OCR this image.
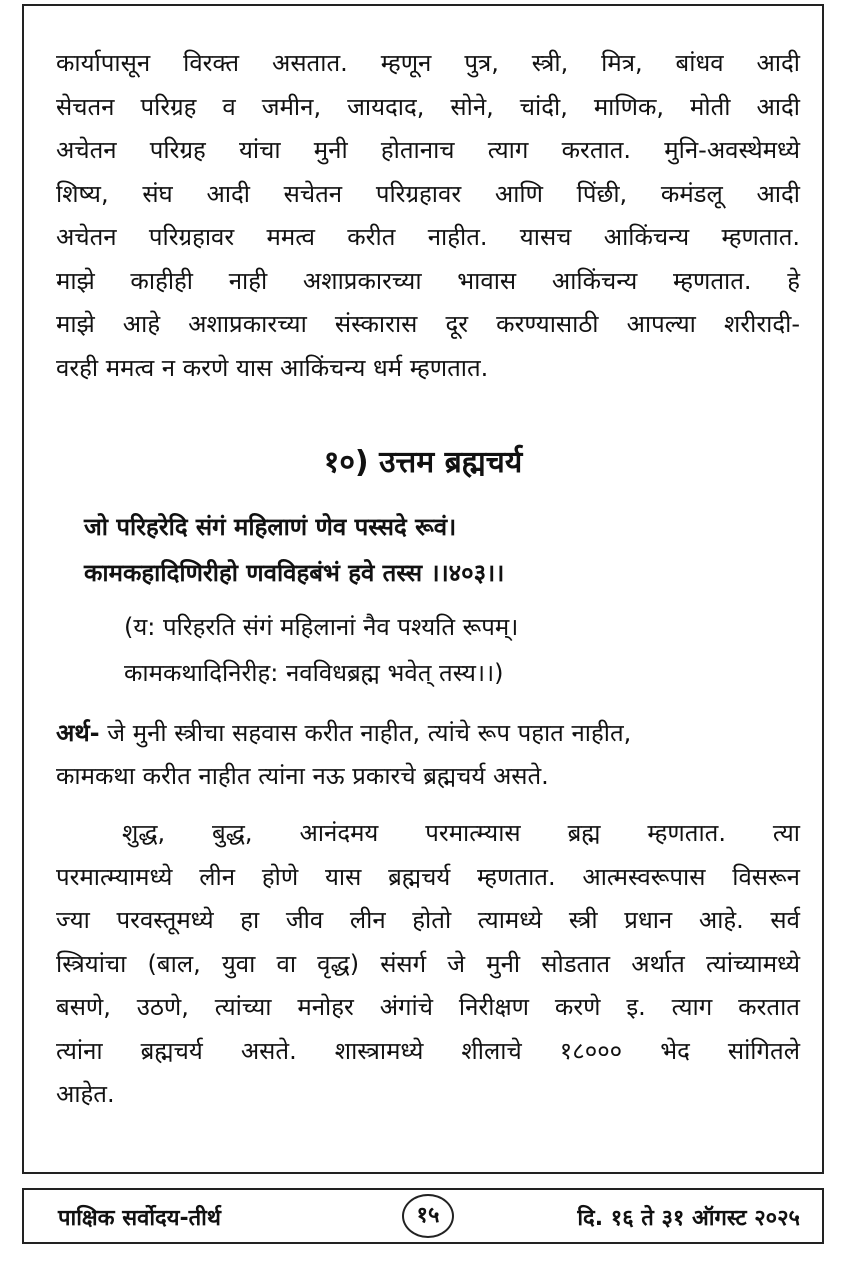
कार्यापासून विरक्त असतात. म्हणून पुत्र, स्त्री, मित्र, बांधव आदी
सेचतन परिग्रह व जमीन, जायदाद, सोने, चांदी, माणिक, मोती आदी
अचेतन परिग्रह यांचा मुनी होतानाच त्याग करतात. मुनि-अवस्थेमध्ये
शिष्य, संघ आदी सचेतन परिग्रहावर आणि पिंछी, कमंडलू आदी
अचेतन परिग्रहावर ममत्व करीत नाहीत. यासच आकिंचन्य म्हणतात.
माझे काहीही नाही अशाप्रकारच्या भावास आकिंचन्य म्हणतात. हे
माझे आहे अशाप्रकारच्या संस्कारास दूर करण्यासाठी आपल्या शरीरादी-
वरही ममत्व न करणे यास आकिंचन्य धर्म म्हणतात.
१०) उत्तम ब्रह्मचर्य
जो परिहरेदि संगं महिलाणं णेव पस्सदे रूवं।
कामकहादिणिरीहो णवविहबंभं हवे तस्स ।।४०३।।
(य: परिहरति संगं महिलानां नैव पश्यति रूपम्।
कामकथादिनिरीह: नवविधब्रह्म भवेत् तस्य।।)
अर्थ- जे मुनी स्त्रीचा सहवास करीत नाहीत, त्यांचे रूप पहात नाहीत,
कामकथा करीत नाहीत त्यांना नऊ प्रकारचे ब्रह्मचर्य असते.
शुद्ध, बुद्ध, आनंदमय परमात्म्यास ब्रह्म म्हणतात. त्या
परमात्म्यामध्ये लीन होणे यास ब्रह्मचर्य म्हणतात. आत्मस्वरूपास विसरून
ज्या परवस्तूमध्ये हा जीव लीन होतो त्यामध्ये स्त्री प्रधान आहे. सर्व
स्त्रियांचा (बाल, युवा वा वृद्ध) संसर्ग जे मुनी सोडतात अर्थात त्यांच्यामध्ये
बसणे, उठणे, त्यांच्या मनोहर अंगांचे निरीक्षण करणे इ. त्याग करतात
त्यांना ब्रह्मचर्य असते. शास्त्रामध्ये शीलाचे १८००० भेद सांगितले
आहेत.
पाक्षिक सर्वोदय-तीर्थ	१५	दि. १६ ते ३१ ऑगस्ट २०२५
